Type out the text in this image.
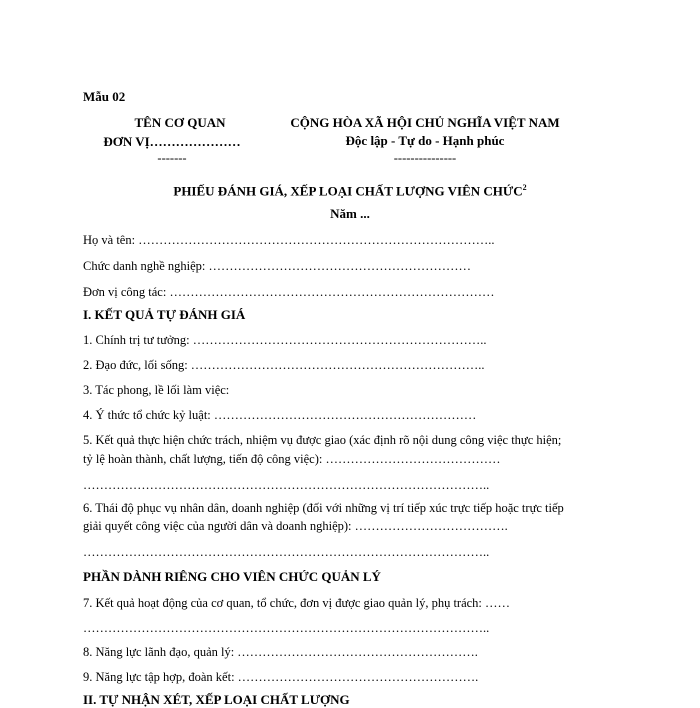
Mẫu 02
TÊN CƠ QUAN
ĐƠN VỊ…………………
-------
CỘNG HÒA XÃ HỘI CHỦ NGHĨA VIỆT NAM
Độc lập - Tự do - Hạnh phúc
---------------
PHIẾU ĐÁNH GIÁ, XẾP LOẠI CHẤT LƯỢNG VIÊN CHỨC$^2$
Năm ...
Họ và tên: …………………………………………………………………………..
Chức danh nghề nghiệp: ………………………………………………………
Đơn vị công tác: ……………………………………………………………………
I. KẾT QUẢ TỰ ĐÁNH GIÁ
1. Chính trị tư tưởng: ……………………………………………………………..
2. Đạo đức, lối sống: ……………………………………………………………..
3. Tác phong, lề lối làm việc:
4. Ý thức tổ chức kỷ luật: ………………………………………………………
5. Kết quả thực hiện chức trách, nhiệm vụ được giao (xác định rõ nội dung công việc thực hiện;
tỷ lệ hoàn thành, chất lượng, tiến độ công việc): ……………………………………
……………………………………………………………………………………..
6. Thái độ phục vụ nhân dân, doanh nghiệp (đối với những vị trí tiếp xúc trực tiếp hoặc trực tiếp
giải quyết công việc của người dân và doanh nghiệp): ……………………………….
……………………………………………………………………………………..
PHẦN DÀNH RIÊNG CHO VIÊN CHỨC QUẢN LÝ
7. Kết quả hoạt động của cơ quan, tổ chức, đơn vị được giao quản lý, phụ trách: ……
……………………………………………………………………………………..
8. Năng lực lãnh đạo, quản lý: ………………………………………………….
9. Năng lực tập hợp, đoàn kết: ………………………………………………….
II. TỰ NHẬN XÉT, XẾP LOẠI CHẤT LƯỢNG
